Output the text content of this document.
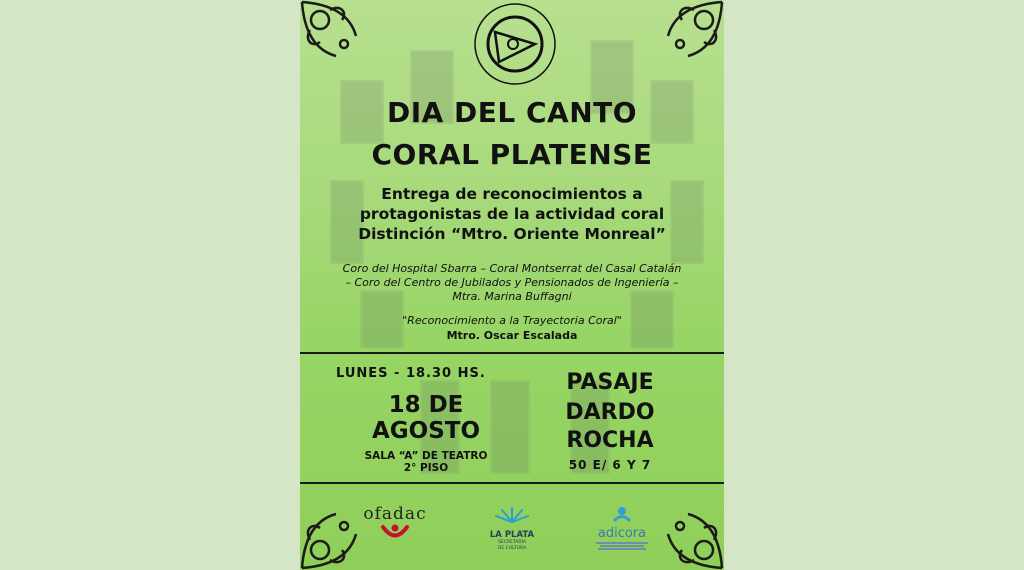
DIA DEL CANTO
CORAL PLATENSE
Entrega de reconocimientos a
protagonistas de la actividad coral
Distinción “Mtro. Oriente Monreal”
Coro del Hospital Sbarra – Coral Montserrat del Casal Catalán
– Coro del Centro de Jubilados y Pensionados de Ingeniería –
Mtra. Marina Buffagni
"Reconocimiento a la Trayectoria Coral"
Mtro. Oscar Escalada
LUNES - 18.30 HS.
18 DE
AGOSTO
SALA “A” DE TEATRO
2° PISO
PASAJE
DARDO
ROCHA
50 E/ 6 Y 7
ofadac
LA PLATA
SECRETARÍA
DE CULTURA
adicora
